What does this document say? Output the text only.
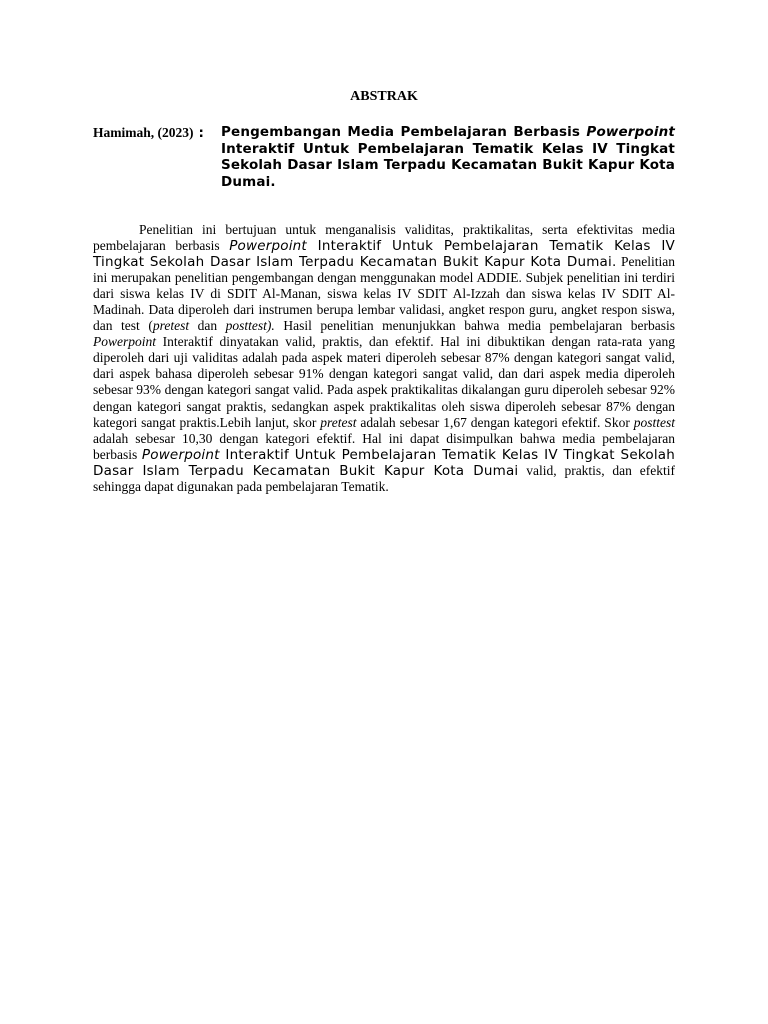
ABSTRAK
Hamimah, (2023) :	Pengembangan Media Pembelajaran Berbasis Powerpoint Interaktif Untuk Pembelajaran Tematik Kelas IV Tingkat Sekolah Dasar Islam Terpadu Kecamatan Bukit Kapur Kota Dumai.

Penelitian ini bertujuan untuk menganalisis validitas, praktikalitas, serta efektivitas media pembelajaran berbasis Powerpoint Interaktif Untuk Pembelajaran Tematik Kelas IV Tingkat Sekolah Dasar Islam Terpadu Kecamatan Bukit Kapur Kota Dumai. Penelitian ini merupakan penelitian pengembangan dengan menggunakan model ADDIE. Subjek penelitian ini terdiri dari siswa kelas IV di SDIT Al-Manan, siswa kelas IV SDIT Al-Izzah dan siswa kelas IV SDIT Al-Madinah. Data diperoleh dari instrumen berupa lembar validasi, angket respon guru, angket respon siswa, dan test (pretest dan posttest). Hasil penelitian menunjukkan bahwa media pembelajaran berbasis Powerpoint Interaktif dinyatakan valid, praktis, dan efektif. Hal ini dibuktikan dengan rata-rata yang diperoleh dari uji validitas adalah pada aspek materi diperoleh sebesar 87% dengan kategori sangat valid, dari aspek bahasa diperoleh sebesar 91% dengan kategori sangat valid, dan dari aspek media diperoleh sebesar 93% dengan kategori sangat valid. Pada aspek praktikalitas dikalangan guru diperoleh sebesar 92% dengan kategori sangat praktis, sedangkan aspek praktikalitas oleh siswa diperoleh sebesar 87% dengan kategori sangat praktis.Lebih lanjut, skor pretest adalah sebesar 1,67 dengan kategori efektif. Skor posttest adalah sebesar 10,30 dengan kategori efektif. Hal ini dapat disimpulkan bahwa media pembelajaran berbasis Powerpoint Interaktif Untuk Pembelajaran Tematik Kelas IV Tingkat Sekolah Dasar Islam Terpadu Kecamatan Bukit Kapur Kota Dumai valid, praktis, dan efektif sehingga dapat digunakan pada pembelajaran Tematik.
